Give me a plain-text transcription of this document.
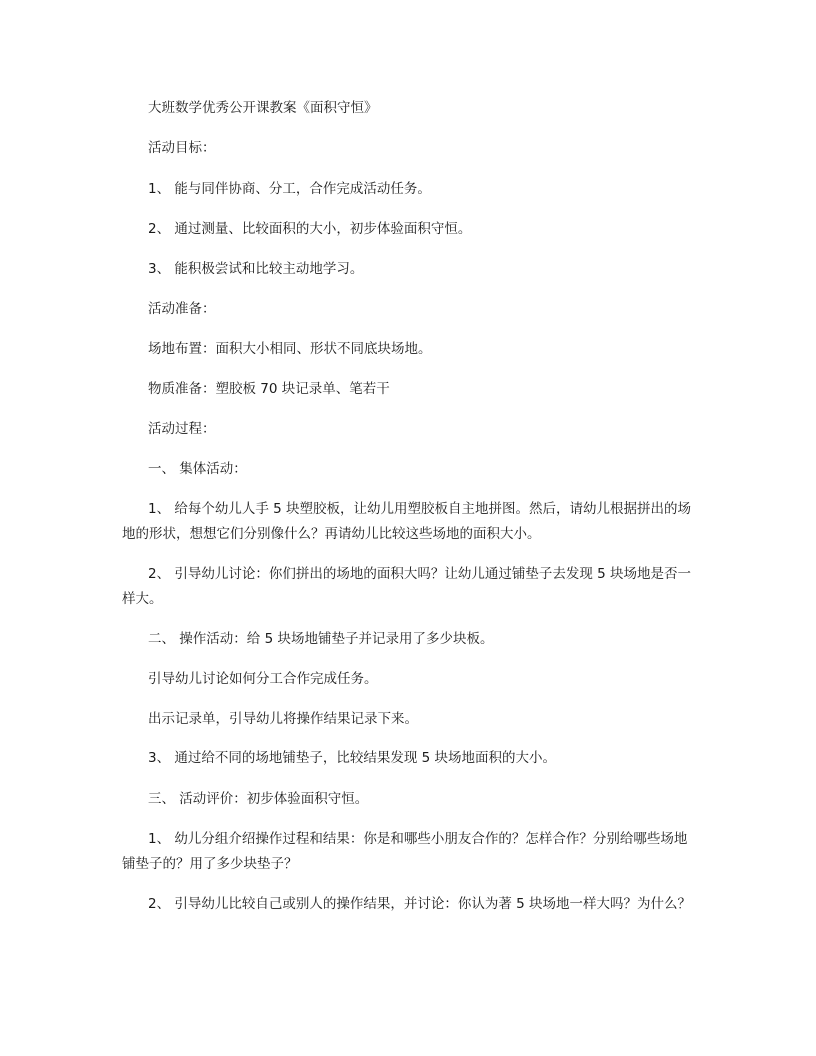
大班数学优秀公开课教案《面积守恒》
活动目标：
1、 能与同伴协商、分工，合作完成活动任务。
2、 通过测量、比较面积的大小，初步体验面积守恒。
3、 能积极尝试和比较主动地学习。
活动准备：
场地布置：面积大小相同、形状不同底块场地。
物质准备：塑胶板 70 块记录单、笔若干
活动过程：
一、 集体活动：
1、 给每个幼儿人手 5 块塑胶板，让幼儿用塑胶板自主地拼图。然后，请幼儿根据拼出的场地的形状，想想它们分别像什么？再请幼儿比较这些场地的面积大小。
2、 引导幼儿讨论：你们拼出的场地的面积大吗？让幼儿通过铺垫子去发现 5 块场地是否一样大。
二、 操作活动：给 5 块场地铺垫子并记录用了多少块板。
引导幼儿讨论如何分工合作完成任务。
出示记录单，引导幼儿将操作结果记录下来。
3、 通过给不同的场地铺垫子，比较结果发现 5 块场地面积的大小。
三、 活动评价：初步体验面积守恒。
1、 幼儿分组介绍操作过程和结果：你是和哪些小朋友合作的？怎样合作？分别给哪些场地铺垫子的？用了多少块垫子？
2、 引导幼儿比较自己或别人的操作结果，并讨论：你认为著 5 块场地一样大吗？为什么？
